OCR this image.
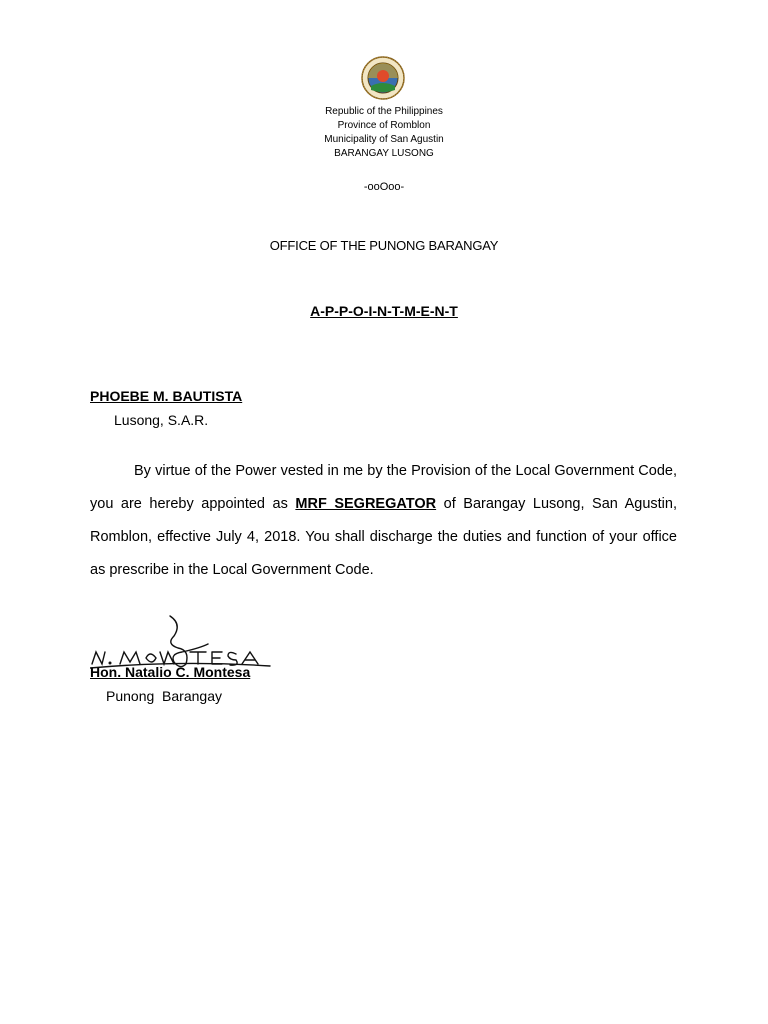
Republic of the Philippines
Province of Romblon
Municipality of San Agustin
BARANGAY LUSONG
-ooOoo-
OFFICE OF THE PUNONG BARANGAY
A-P-P-O-I-N-T-M-E-N-T
PHOEBE M. BAUTISTA
Lusong, S.A.R.
By virtue of the Power vested in me by the Provision of the Local Government Code, you are hereby appointed as MRF SEGREGATOR of Barangay Lusong, San Agustin, Romblon, effective July 4, 2018. You shall discharge the duties and function of your office as prescribe in the Local Government Code.
Hon. Natalio C. Montesa
Punong  Barangay
